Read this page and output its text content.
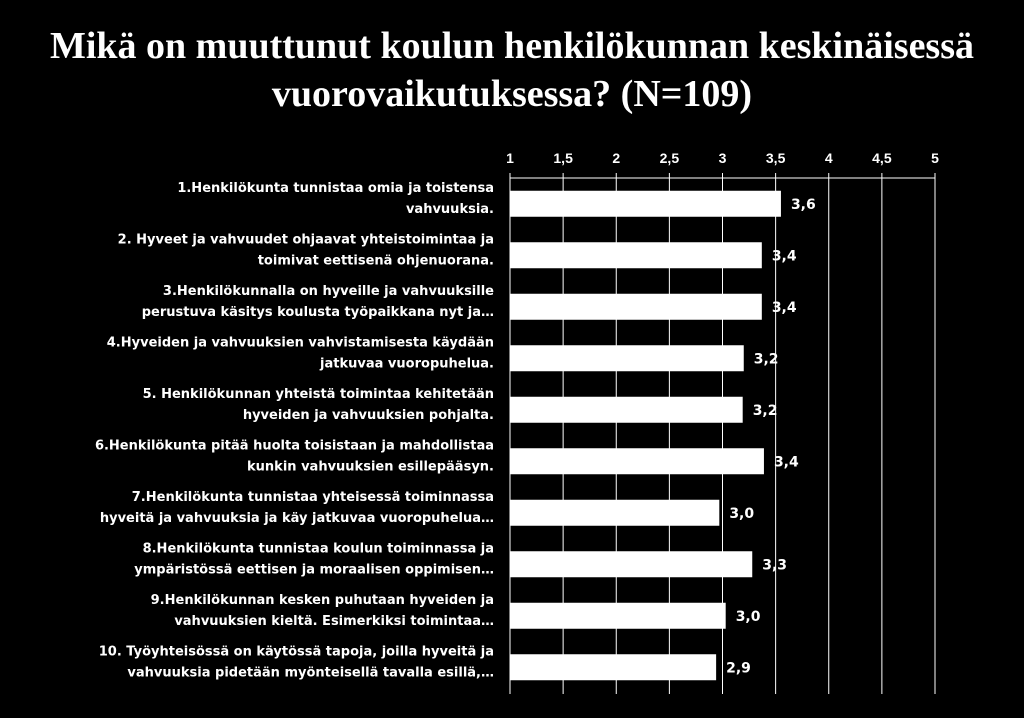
Mikä on muuttunut koulun henkilökunnan keskinäisessä
vuorovaikutuksessa? (N=109)
1	1,5	2	2,5	3	3,5	4	4,5	5
3,6
1.Henkilökunta tunnistaa omia ja toistensa
vahvuuksia.
3,4
2. Hyveet ja vahvuudet ohjaavat yhteistoimintaa ja
toimivat eettisenä ohjenuorana.
3,4
3.Henkilökunnalla on hyveille ja vahvuuksille
perustuva käsitys koulusta työpaikkana nyt ja…
3,2
4.Hyveiden ja vahvuuksien vahvistamisesta käydään
jatkuvaa vuoropuhelua.
3,2
5. Henkilökunnan yhteistä toimintaa kehitetään
hyveiden ja vahvuuksien pohjalta.
3,4
6.Henkilökunta pitää huolta toisistaan ja mahdollistaa
kunkin vahvuuksien esillepääsyn.
3,0
7.Henkilökunta tunnistaa yhteisessä toiminnassa
hyveitä ja vahvuuksia ja käy jatkuvaa vuoropuhelua…
3,3
8.Henkilökunta tunnistaa koulun toiminnassa ja
ympäristössä eettisen ja moraalisen oppimisen…
3,0
9.Henkilökunnan kesken puhutaan hyveiden ja
vahvuuksien kieltä. Esimerkiksi toimintaa…
2,9
10. Työyhteisössä on käytössä tapoja, joilla hyveitä ja
vahvuuksia pidetään myönteisellä tavalla esillä,…
